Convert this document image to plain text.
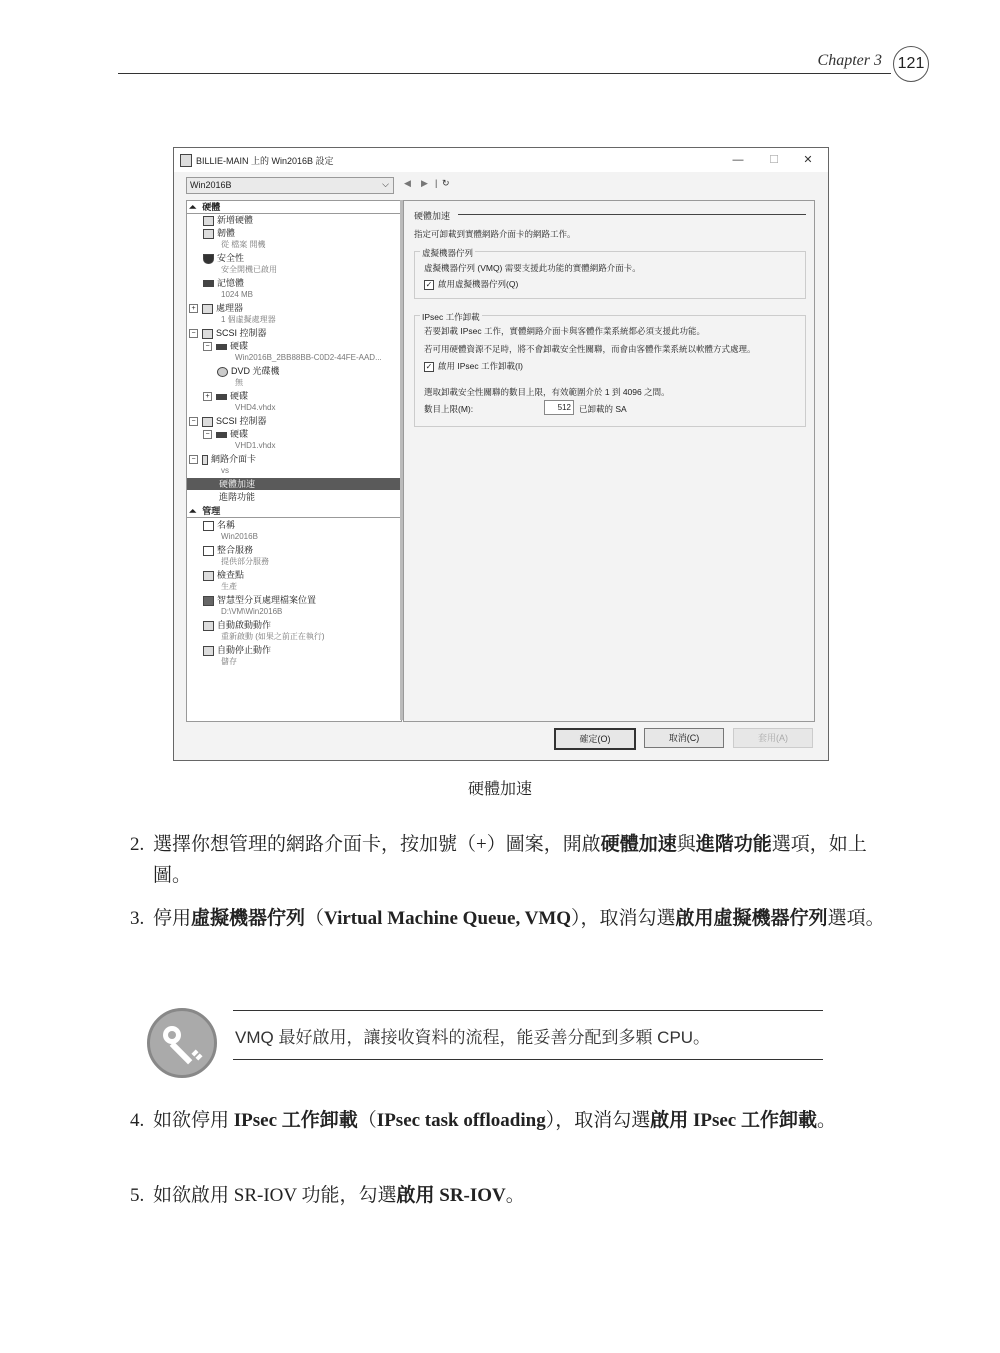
Chapter 3 121
BILLIE-MAIN 上的 Win2016B 設定	—	☐	✕
Win2016B	⌵ ◀ ▶ | ↻
⏶ 硬體
新增硬體
韌體
從 檔案 開機
安全性
安全開機已啟用
記憶體
1024 MB
+ 處理器
1 個虛擬處理器
− SCSI 控制器
− 硬碟
Win2016B_2BB88BB-C0D2-44FE-AAD...
DVD 光碟機
無
+ 硬碟
VHD4.vhdx
− SCSI 控制器
− 硬碟
VHD1.vhdx
− 網路介面卡
vs
硬體加速
進階功能
⏶ 管理
名稱
Win2016B
整合服務
提供部分服務
檢查點
生產
智慧型分頁處理檔案位置
D:\VM\Win2016B
自動啟動動作
重新啟動 (如果之前正在執行)
自動停止動作
儲存
硬體加速
指定可卸載到實體網路介面卡的網路工作。
虛擬機器佇列
虛擬機器佇列 (VMQ) 需要支援此功能的實體網路介面卡。
✓ 啟用虛擬機器佇列(Q)
IPsec 工作卸載
若要卸載 IPsec 工作，實體網路介面卡與客體作業系統都必須支援此功能。
若可用硬體資源不足時，將不會卸載安全性關聯，而會由客體作業系統以軟體方式處理。
✓ 啟用 IPsec 工作卸載(I)
選取卸載安全性關聯的數目上限，有效範圍介於 1 到 4096 之間。
數目上限(M):	512 已卸載的 SA
確定(O)	取消(C)	套用(A)
硬體加速
2. 選擇你想管理的網路介面卡，按加號（+）圖案，開啟硬體加速與進階功能選項，如上圖。
3. 停用虛擬機器佇列（Virtual Machine Queue, VMQ），取消勾選啟用虛擬機器佇列選項。
VMQ 最好啟用，讓接收資料的流程，能妥善分配到多顆 CPU。
4. 如欲停用 IPsec 工作卸載（IPsec task offloading），取消勾選啟用 IPsec 工作卸載。
5. 如欲啟用 SR-IOV 功能，勾選啟用 SR-IOV。
